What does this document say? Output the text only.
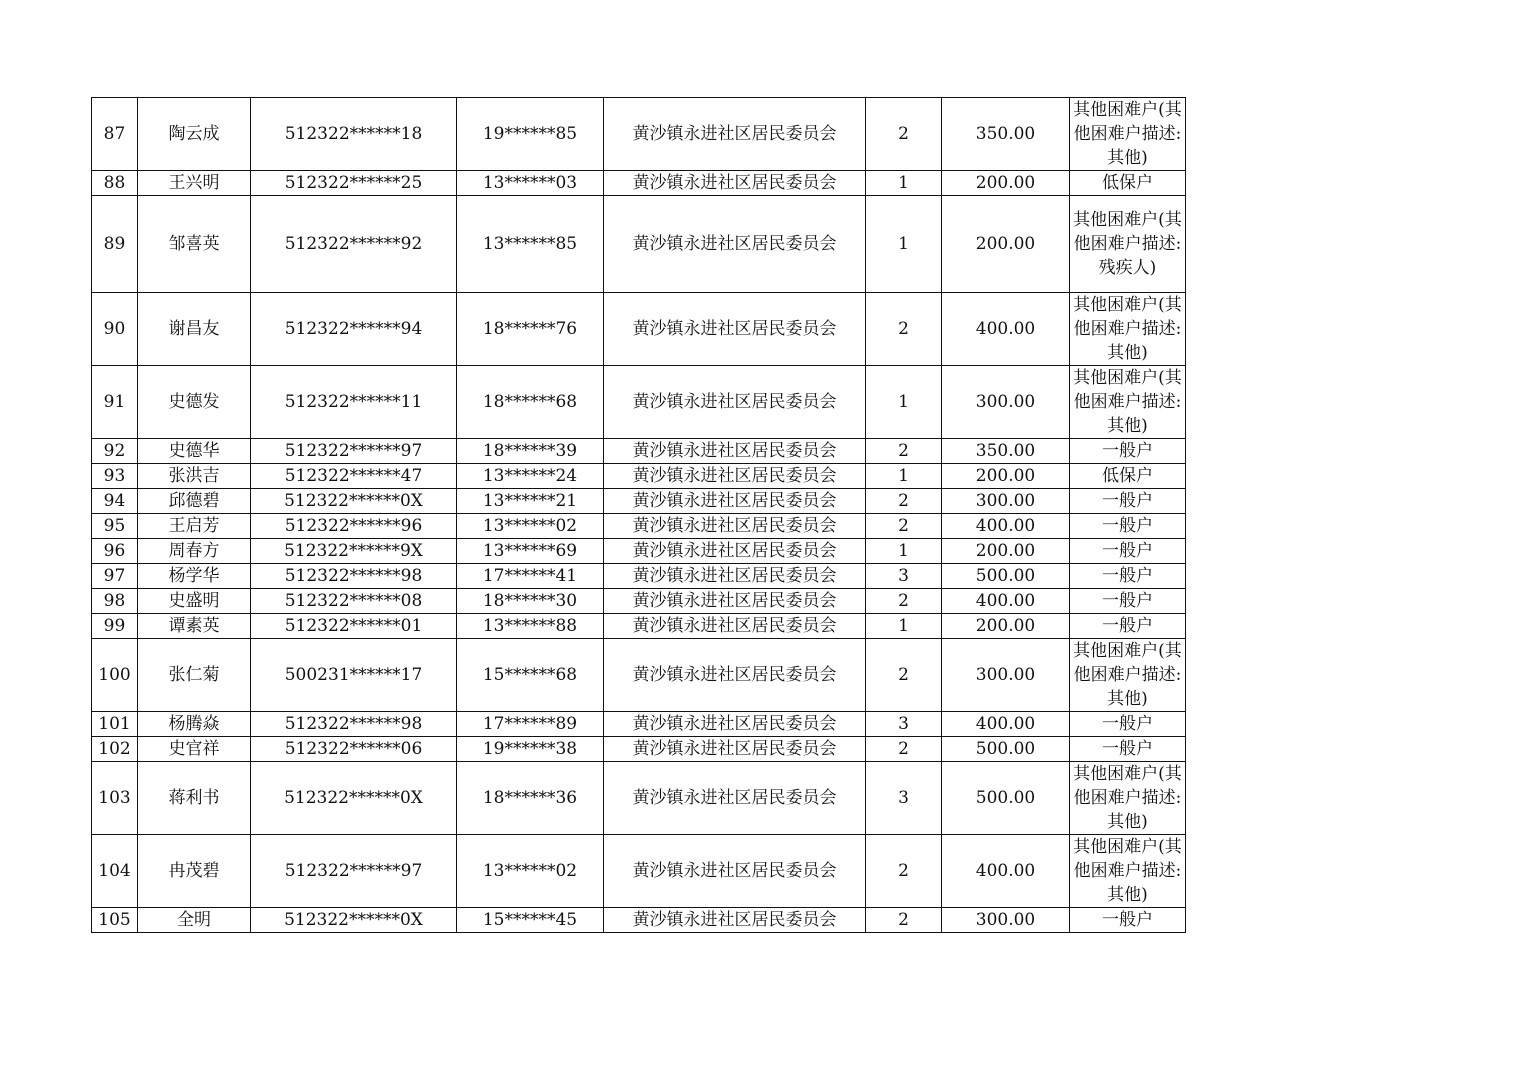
87	陶云成	512322******18	19******85	黄沙镇永进社区居民委员会	2	350.00	其他困难户(其他困难户描述:其他)
88	王兴明	512322******25	13******03	黄沙镇永进社区居民委员会	1	200.00	低保户
89	邹喜英	512322******92	13******85	黄沙镇永进社区居民委员会	1	200.00	其他困难户(其他困难户描述:残疾人)
90	谢昌友	512322******94	18******76	黄沙镇永进社区居民委员会	2	400.00	其他困难户(其他困难户描述:其他)
91	史德发	512322******11	18******68	黄沙镇永进社区居民委员会	1	300.00	其他困难户(其他困难户描述:其他)
92	史德华	512322******97	18******39	黄沙镇永进社区居民委员会	2	350.00	一般户
93	张洪吉	512322******47	13******24	黄沙镇永进社区居民委员会	1	200.00	低保户
94	邱德碧	512322******0X	13******21	黄沙镇永进社区居民委员会	2	300.00	一般户
95	王启芳	512322******96	13******02	黄沙镇永进社区居民委员会	2	400.00	一般户
96	周春方	512322******9X	13******69	黄沙镇永进社区居民委员会	1	200.00	一般户
97	杨学华	512322******98	17******41	黄沙镇永进社区居民委员会	3	500.00	一般户
98	史盛明	512322******08	18******30	黄沙镇永进社区居民委员会	2	400.00	一般户
99	谭素英	512322******01	13******88	黄沙镇永进社区居民委员会	1	200.00	一般户
100	张仁菊	500231******17	15******68	黄沙镇永进社区居民委员会	2	300.00	其他困难户(其他困难户描述:其他)
101	杨腾焱	512322******98	17******89	黄沙镇永进社区居民委员会	3	400.00	一般户
102	史官祥	512322******06	19******38	黄沙镇永进社区居民委员会	2	500.00	一般户
103	蒋利书	512322******0X	18******36	黄沙镇永进社区居民委员会	3	500.00	其他困难户(其他困难户描述:其他)
104	冉茂碧	512322******97	13******02	黄沙镇永进社区居民委员会	2	400.00	其他困难户(其他困难户描述:其他)
105	全明	512322******0X	15******45	黄沙镇永进社区居民委员会	2	300.00	一般户
